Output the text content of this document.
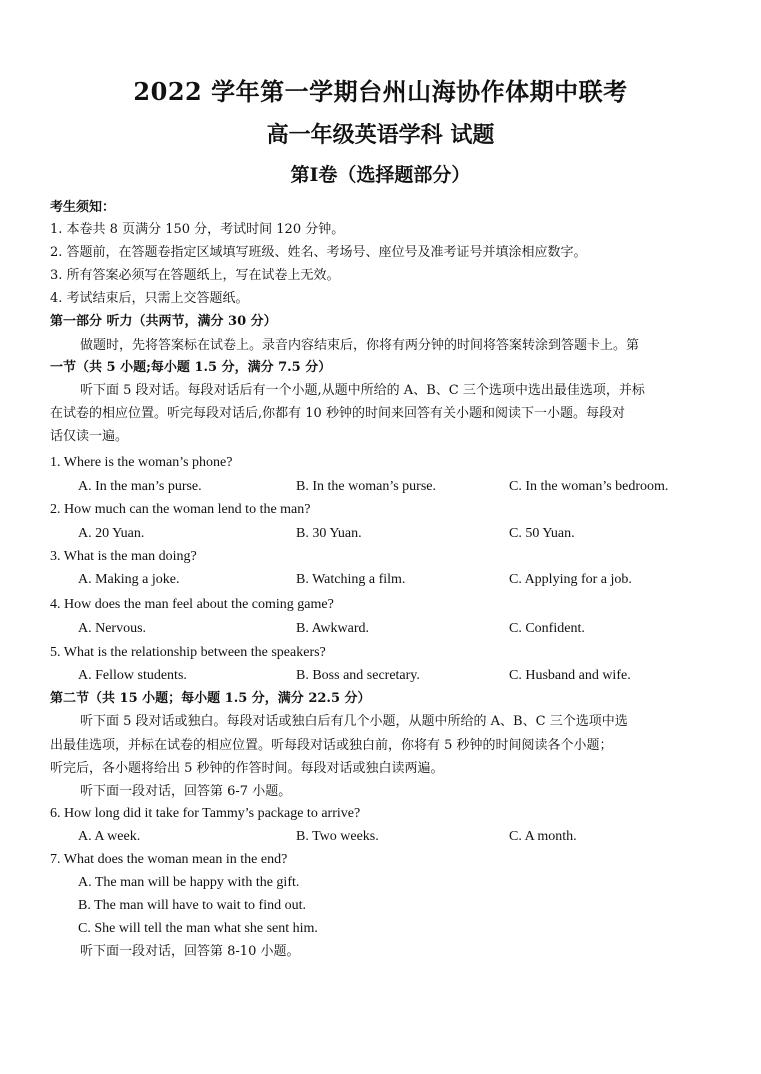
2022 学年第一学期台州山海协作体期中联考
高一年级英语学科 试题
第Ⅰ卷（选择题部分）
考生须知：
1. 本卷共 8 页满分 150 分，考试时间 120 分钟。
2. 答题前，在答题卷指定区域填写班级、姓名、考场号、座位号及准考证号并填涂相应数字。
3. 所有答案必须写在答题纸上，写在试卷上无效。
4. 考试结束后，只需上交答题纸。
第一部分 听力（共两节，满分 30 分）
做题时，先将答案标在试卷上。录音内容结束后，你将有两分钟的时间将答案转涂到答题卡上。第
一节（共 5 小题;每小题 1.5 分，满分 7.5 分）
听下面 5 段对话。每段对话后有一个小题,从题中所给的 A、B、C 三个选项中选出最佳选项，并标
在试卷的相应位置。听完每段对话后,你都有 10 秒钟的时间来回答有关小题和阅读下一小题。每段对
话仅读一遍。
1. Where is the woman’s phone?
A. In the man’s purse.	B. In the woman’s purse.	C. In the woman’s bedroom.
2. How much can the woman lend to the man?
A. 20 Yuan.	B. 30 Yuan.	C. 50 Yuan.
3. What is the man doing?
A. Making a joke.	B. Watching a film.	C. Applying for a job.
4. How does the man feel about the coming game?
A. Nervous.	B. Awkward.	C. Confident.
5. What is the relationship between the speakers?
A. Fellow students.	B. Boss and secretary.	C. Husband and wife.
第二节（共 15 小题；每小题 1.5 分，满分 22.5 分）
听下面 5 段对话或独白。每段对话或独白后有几个小题，从题中所给的 A、B、C 三个选项中选
出最佳选项，并标在试卷的相应位置。听每段对话或独白前，你将有 5 秒钟的时间阅读各个小题；
听完后，各小题将给出 5 秒钟的作答时间。每段对话或独白读两遍。
听下面一段对话，回答第 6-7 小题。
6. How long did it take for Tammy’s package to arrive?
A. A week.	B. Two weeks.	C. A month.
7. What does the woman mean in the end?
A. The man will be happy with the gift.
B. The man will have to wait to find out.
C. She will tell the man what she sent him.
听下面一段对话，回答第 8-10 小题。
